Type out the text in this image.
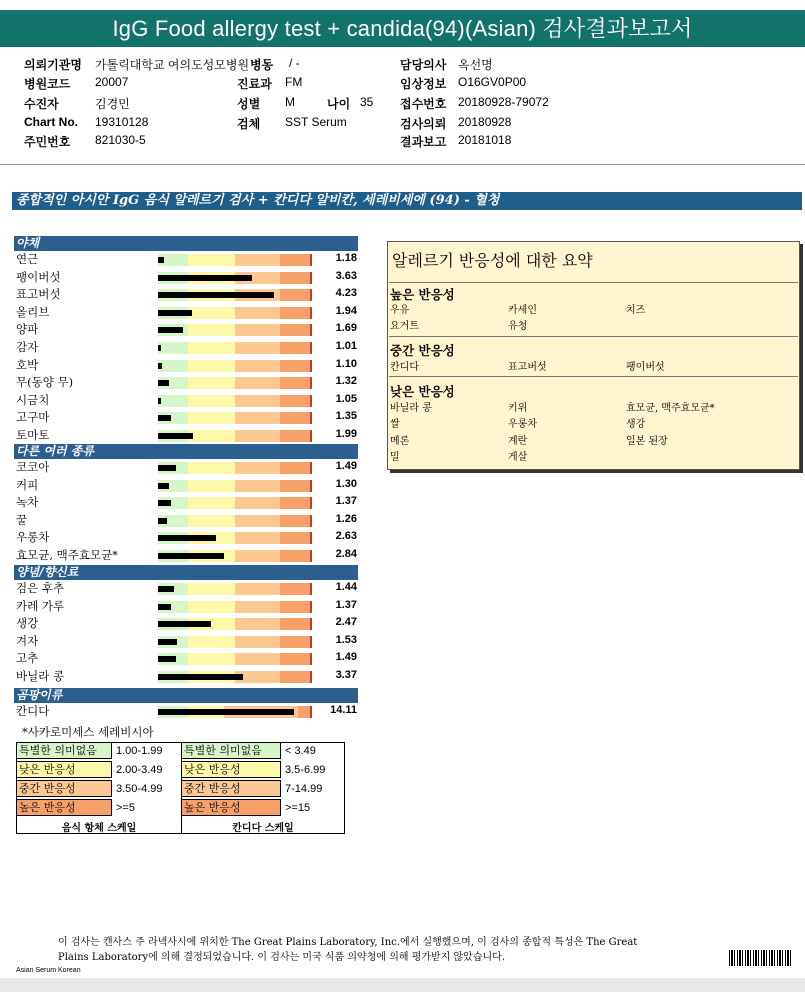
IgG Food allergy test + candida(94)(Asian) 검사결과보고서
의뢰기관명 가톨릭대학교 여의도성모병원
병원코드 20007
수진자	김경민
Chart No. 19310128
주민번호 821030-5
병동 / -
진료과 FM
성별 M	나이 35
검체 SST Serum
담당의사 옥선명
임상정보 O16GV0P00
접수번호 20180928-79072
검사의뢰 20180928
결과보고 20181018
종합적인 아시안 IgG 음식 알레르기 검사 + 칸디다 알비칸, 세레비세에 (94) - 혈청
야채
연근	1.18
팽이버섯	3.63
표고버섯	4.23
올리브	1.94
양파	1.69
감자	1.01
호박	1.10
무(동양 무)	1.32
시금치	1.05
고구마	1.35
토마토	1.99
다른 여러 종류
코코아	1.49
커피	1.30
녹차	1.37
꿀	1.26
우롱차	2.63
효모균, 맥주효모균*	2.84
양념/향신료
검은 후추	1.44
카레 가루	1.37
생강	2.47
겨자	1.53
고추	1.49
바닐라 콩	3.37
곰팡이류
칸디다	14.11
*사카로미세스 세레비시아
알레르기 반응성에 대한 요약
높은 반응성
우유	카세인	치즈
요거트	유청
중간 반응성
칸디다	표고버섯	팽이버섯
낮은 반응성
바닐라 콩	키위	효모균, 맥주효모균*
쌀	우롱차	생강
메론	계란	일본 된장
밀	게살
특별한 의미없음	1.00-1.99
낮은 반응성	2.00-3.49
중간 반응성	3.50-4.99
높은 반응성	>=5
음식 항체 스케일
특별한 의미없음	< 3.49
낮은 반응성	3.5-6.99
중간 반응성	7-14.99
높은 반응성	>=15
칸디다 스케일
이 검사는 캔사스 주 라넥사시에 위치한 The Great Plains Laboratory, Inc.에서 실행했으며, 이 검사의 종합적 특성은 The Great
Plains Laboratory에 의해 결정되었습니다. 이 검사는 미국 식품 의약청에 의해 평가받지 않았습니다.
Asian Serum Korean
